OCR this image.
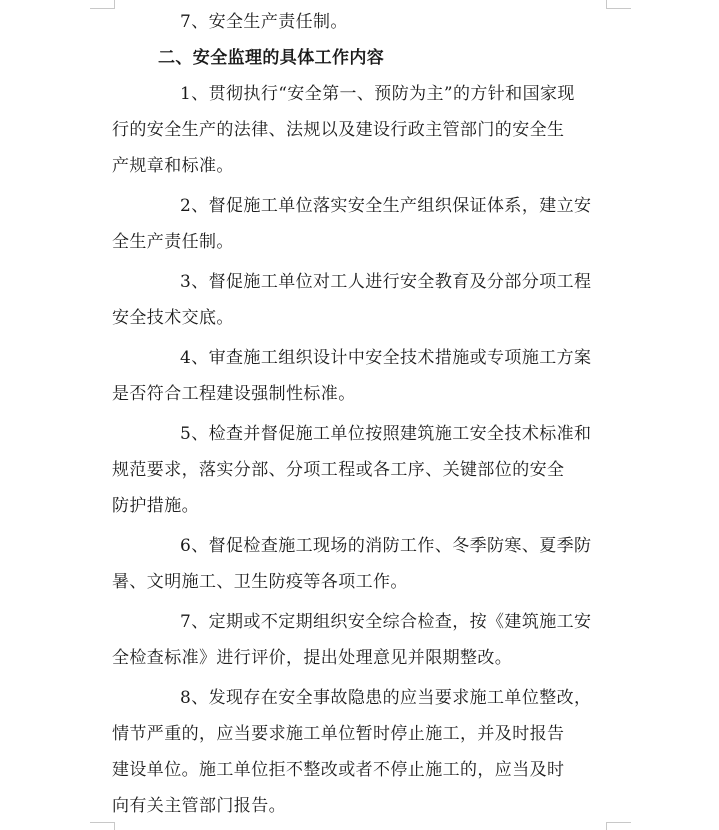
7、安全生产责任制。
二、安全监理的具体工作内容
1、贯彻执行“安全第一、预防为主”的方针和国家现
行的安全生产的法律、法规以及建设行政主管部门的安全生
产规章和标准。
2、督促施工单位落实安全生产组织保证体系，建立安
全生产责任制。
3、督促施工单位对工人进行安全教育及分部分项工程
安全技术交底。
4、审查施工组织设计中安全技术措施或专项施工方案
是否符合工程建设强制性标准。
5、检查并督促施工单位按照建筑施工安全技术标准和
规范要求，落实分部、分项工程或各工序、关键部位的安全
防护措施。
6、督促检查施工现场的消防工作、冬季防寒、夏季防
暑、文明施工、卫生防疫等各项工作。
7、定期或不定期组织安全综合检查，按《建筑施工安
全检查标准》进行评价，提出处理意见并限期整改。
8、发现存在安全事故隐患的应当要求施工单位整改，
情节严重的，应当要求施工单位暂时停止施工，并及时报告
建设单位。施工单位拒不整改或者不停止施工的，应当及时
向有关主管部门报告。
